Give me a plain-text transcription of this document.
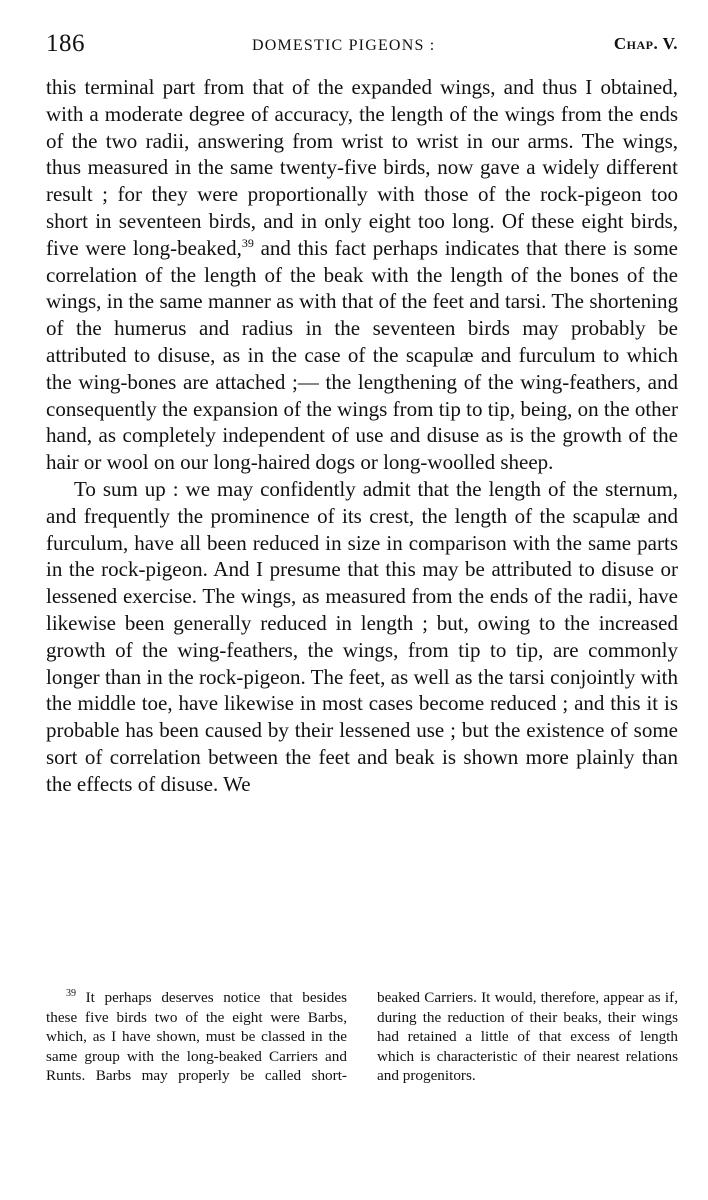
186	DOMESTIC PIGEONS :	Chap. V.

this terminal part from that of the expanded wings, and thus I obtained, with a moderate degree of accuracy, the length of the wings from the ends of the two radii, answering from wrist to wrist in our arms. The wings, thus measured in the same twenty-five birds, now gave a widely different result ; for they were proportionally with those of the rock-pigeon too short in seventeen birds, and in only eight too long. Of these eight birds, five were long-beaked,$^{39}$ and this fact perhaps indicates that there is some correlation of the length of the beak with the length of the bones of the wings, in the same manner as with that of the feet and tarsi. The shortening of the humerus and radius in the seventeen birds may probably be attributed to disuse, as in the case of the scapulæ and furculum to which the wing-bones are attached ;— the lengthening of the wing-feathers, and consequently the expansion of the wings from tip to tip, being, on the other hand, as completely independent of use and disuse as is the growth of the hair or wool on our long-haired dogs or long-woolled sheep.

To sum up : we may confidently admit that the length of the sternum, and frequently the prominence of its crest, the length of the scapulæ and furculum, have all been reduced in size in comparison with the same parts in the rock-pigeon. And I presume that this may be attributed to disuse or lessened exercise. The wings, as measured from the ends of the radii, have likewise been generally reduced in length ; but, owing to the increased growth of the wing-feathers, the wings, from tip to tip, are commonly longer than in the rock-pigeon. The feet, as well as the tarsi conjointly with the middle toe, have likewise in most cases become reduced ; and this it is probable has been caused by their lessened use ; but the existence of some sort of correlation between the feet and beak is shown more plainly than the effects of disuse. We

$^{39}$ It perhaps deserves notice that besides these five birds two of the eight were Barbs, which, as I have shown, must be classed in the same group with the long-beaked Carriers and Runts. Barbs may properly be called short-beaked Carriers. It would, therefore, appear as if, during the reduction of their beaks, their wings had retained a little of that excess of length which is characteristic of their nearest relations and progenitors.
